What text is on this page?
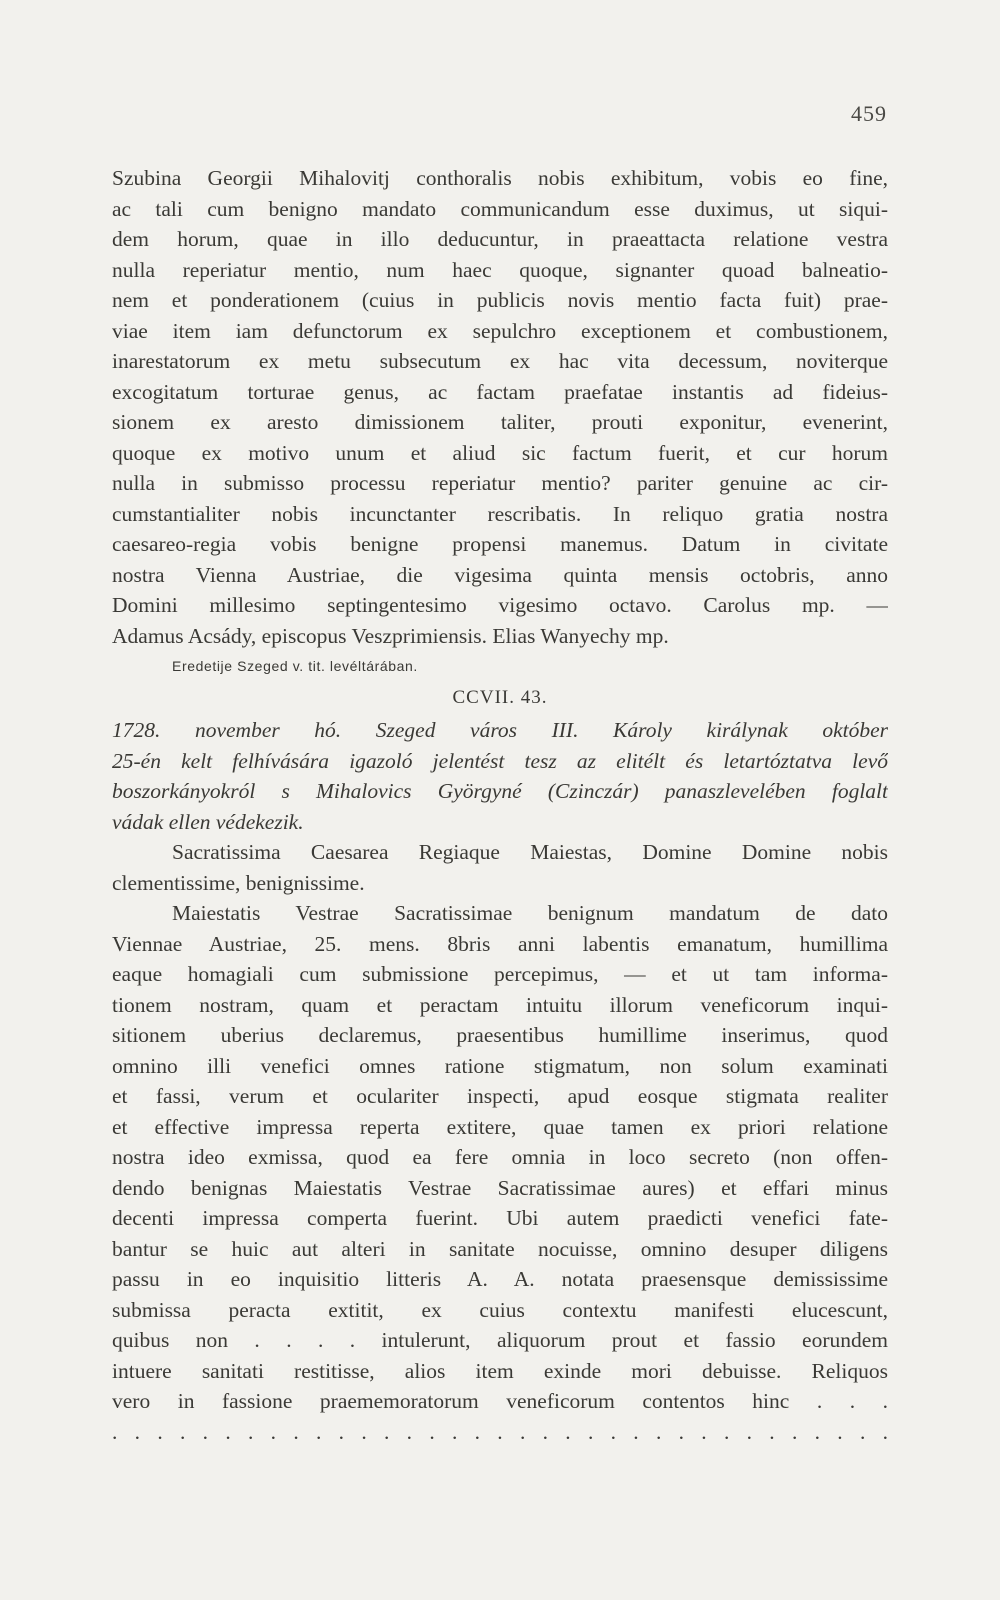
459
Szubina Georgii Mihalovitj conthoralis nobis exhibitum, vobis eo fine,
ac tali cum benigno mandato communicandum esse duximus, ut siqui-
dem horum, quae in illo deducuntur, in praeattacta relatione vestra
nulla reperiatur mentio, num haec quoque, signanter quoad balneatio-
nem et ponderationem (cuius in publicis novis mentio facta fuit) prae-
viae item iam defunctorum ex sepulchro exceptionem et combustionem,
inarestatorum ex metu subsecutum ex hac vita decessum, noviterque
excogitatum torturae genus, ac factam praefatae instantis ad fideius-
sionem ex aresto dimissionem taliter, prouti exponitur, evenerint,
quoque ex motivo unum et aliud sic factum fuerit, et cur horum
nulla in submisso processu reperiatur mentio? pariter genuine ac cir-
cumstantialiter nobis incunctanter rescribatis. In reliquo gratia nostra
caesareo-regia vobis benigne propensi manemus. Datum in civitate
nostra Vienna Austriae, die vigesima quinta mensis octobris, anno
Domini millesimo septingentesimo vigesimo octavo. Carolus mp. —
Adamus Acsády, episcopus Veszprimiensis. Elias Wanyechy mp.
Eredetije Szeged v. tit. levéltárában.
CCVII. 43.
1728. november hó. Szeged város III. Károly királynak október
25-én kelt felhívására igazoló jelentést tesz az elitélt és letartóztatva levő
boszorkányokról s Mihalovics Györgyné (Czinczár) panaszlevelében foglalt
vádak ellen védekezik.
Sacratissima Caesarea Regiaque Maiestas, Domine Domine nobis
clementissime, benignissime.
Maiestatis Vestrae Sacratissimae benignum mandatum de dato
Viennae Austriae, 25. mens. 8bris anni labentis emanatum, humillima
eaque homagiali cum submissione percepimus, — et ut tam informa-
tionem nostram, quam et peractam intuitu illorum veneficorum inqui-
sitionem uberius declaremus, praesentibus humillime inserimus, quod
omnino illi venefici omnes ratione stigmatum, non solum examinati
et fassi, verum et oculariter inspecti, apud eosque stigmata realiter
et effective impressa reperta extitere, quae tamen ex priori relatione
nostra ideo exmissa, quod ea fere omnia in loco secreto (non offen-
dendo benignas Maiestatis Vestrae Sacratissimae aures) et effari minus
decenti impressa comperta fuerint. Ubi autem praedicti venefici fate-
bantur se huic aut alteri in sanitate nocuisse, omnino desuper diligens
passu in eo inquisitio litteris A. A. notata praesensque demississime
submissa peracta extitit, ex cuius contextu manifesti elucescunt,
quibus non . . . . intulerunt, aliquorum prout et fassio eorundem
intuere sanitati restitisse, alios item exinde mori debuisse. Reliquos
vero in fassione praememoratorum veneficorum contentos hinc . . .
. . . . . . . . . . . . . . . . . . . . . . . . . . . . . . . . . . .
